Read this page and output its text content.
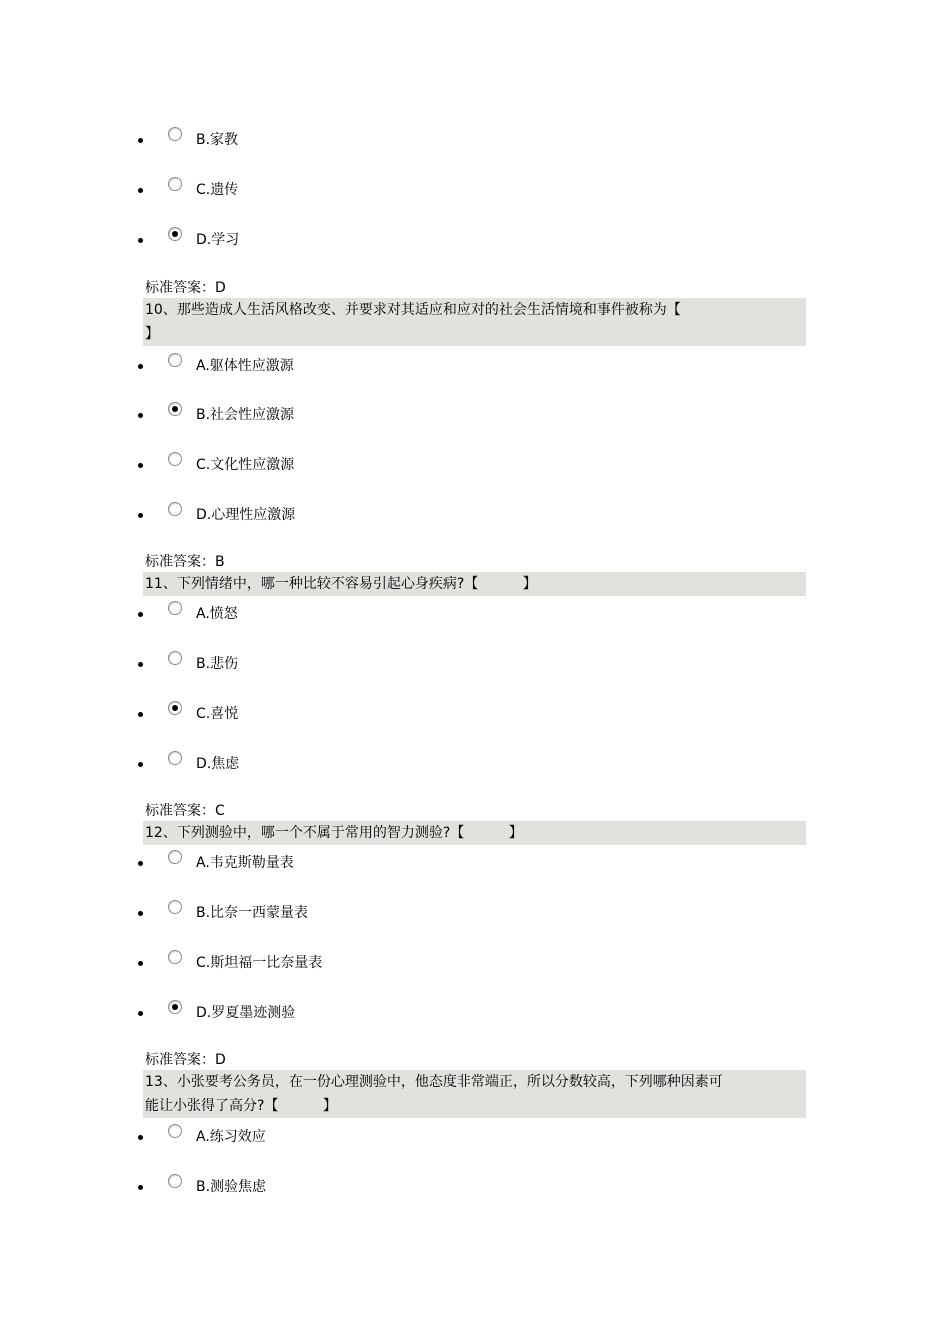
B.家教
C.遗传
D.学习
标准答案：D
10、那些造成人生活风格改变、并要求对其适应和应对的社会生活情境和事件被称为【
】
A.躯体性应激源
B.社会性应激源
C.文化性应激源
D.心理性应激源
标准答案：B
11、下列情绪中，哪一种比较不容易引起心身疾病?【          】
A.愤怒
B.悲伤
C.喜悦
D.焦虑
标准答案：C
12、下列测验中，哪一个不属于常用的智力测验?【          】
A.韦克斯勒量表
B.比奈一西蒙量表
C.斯坦福一比奈量表
D.罗夏墨迹测验
标准答案：D
13、小张要考公务员，在一份心理测验中，他态度非常端正，所以分数较高，下列哪种因素可
能让小张得了高分?【          】
A.练习效应
B.测验焦虑
